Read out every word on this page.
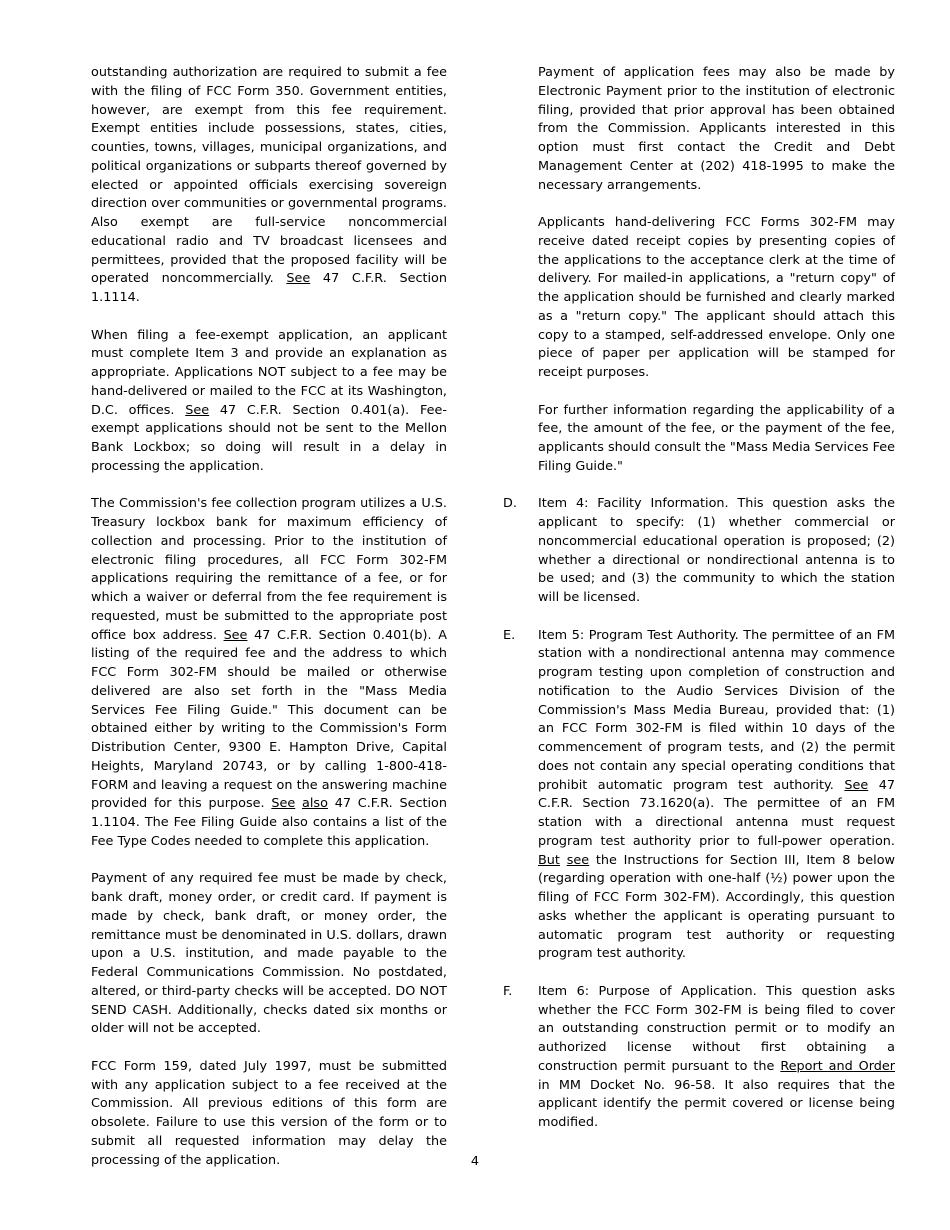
outstanding authorization are required to submit a fee with the filing of FCC Form 350. Government entities, however, are exempt from this fee requirement. Exempt entities include possessions, states, cities, counties, towns, villages, municipal organizations, and political organizations or subparts thereof governed by elected or appointed officials exercising sovereign direction over communities or governmental programs. Also exempt are full-service noncommercial educational radio and TV broadcast licensees and permittees, provided that the proposed facility will be operated noncommercially. See 47 C.F.R. Section 1.1114.

When filing a fee-exempt application, an applicant must complete Item 3 and provide an explanation as appropriate. Applications NOT subject to a fee may be hand-delivered or mailed to the FCC at its Washington, D.C. offices. See 47 C.F.R. Section 0.401(a). Fee-exempt applications should not be sent to the Mellon Bank Lockbox; so doing will result in a delay in processing the application.

The Commission's fee collection program utilizes a U.S. Treasury lockbox bank for maximum efficiency of collection and processing. Prior to the institution of electronic filing procedures, all FCC Form 302-FM applications requiring the remittance of a fee, or for which a waiver or deferral from the fee requirement is requested, must be submitted to the appropriate post office box address. See 47 C.F.R. Section 0.401(b). A listing of the required fee and the address to which FCC Form 302-FM should be mailed or otherwise delivered are also set forth in the "Mass Media Services Fee Filing Guide." This document can be obtained either by writing to the Commission's Form Distribution Center, 9300 E. Hampton Drive, Capital Heights, Maryland 20743, or by calling 1-800-418-FORM and leaving a request on the answering machine provided for this purpose. See also 47 C.F.R. Section 1.1104. The Fee Filing Guide also contains a list of the Fee Type Codes needed to complete this application.

Payment of any required fee must be made by check, bank draft, money order, or credit card. If payment is made by check, bank draft, or money order, the remittance must be denominated in U.S. dollars, drawn upon a U.S. institution, and made payable to the Federal Communications Commission. No postdated, altered, or third-party checks will be accepted. DO NOT SEND CASH. Additionally, checks dated six months or older will not be accepted.

FCC Form 159, dated July 1997, must be submitted with any application subject to a fee received at the Commission. All previous editions of this form are obsolete. Failure to use this version of the form or to submit all requested information may delay the processing of the application.

Payment of application fees may also be made by Electronic Payment prior to the institution of electronic filing, provided that prior approval has been obtained from the Commission. Applicants interested in this option must first contact the Credit and Debt Management Center at (202) 418-1995 to make the necessary arrangements.

Applicants hand-delivering FCC Forms 302-FM may receive dated receipt copies by presenting copies of the applications to the acceptance clerk at the time of delivery. For mailed-in applications, a "return copy" of the application should be furnished and clearly marked as a "return copy." The applicant should attach this copy to a stamped, self-addressed envelope. Only one piece of paper per application will be stamped for receipt purposes.

For further information regarding the applicability of a fee, the amount of the fee, or the payment of the fee, applicants should consult the "Mass Media Services Fee Filing Guide."

D. Item 4: Facility Information. This question asks the applicant to specify: (1) whether commercial or noncommercial educational operation is proposed; (2) whether a directional or nondirectional antenna is to be used; and (3) the community to which the station will be licensed.
E. Item 5: Program Test Authority. The permittee of an FM station with a nondirectional antenna may commence program testing upon completion of construction and notification to the Audio Services Division of the Commission's Mass Media Bureau, provided that: (1) an FCC Form 302-FM is filed within 10 days of the commencement of program tests, and (2) the permit does not contain any special operating conditions that prohibit automatic program test authority. See 47 C.F.R. Section 73.1620(a). The permittee of an FM station with a directional antenna must request program test authority prior to full-power operation. But see the Instructions for Section III, Item 8 below (regarding operation with one-half (½) power upon the filing of FCC Form 302-FM). Accordingly, this question asks whether the applicant is operating pursuant to automatic program test authority or requesting program test authority.
F. Item 6: Purpose of Application. This question asks whether the FCC Form 302-FM is being filed to cover an outstanding construction permit or to modify an authorized license without first obtaining a construction permit pursuant to the Report and Order in MM Docket No. 96-58. It also requires that the applicant identify the permit covered or license being modified.
4
